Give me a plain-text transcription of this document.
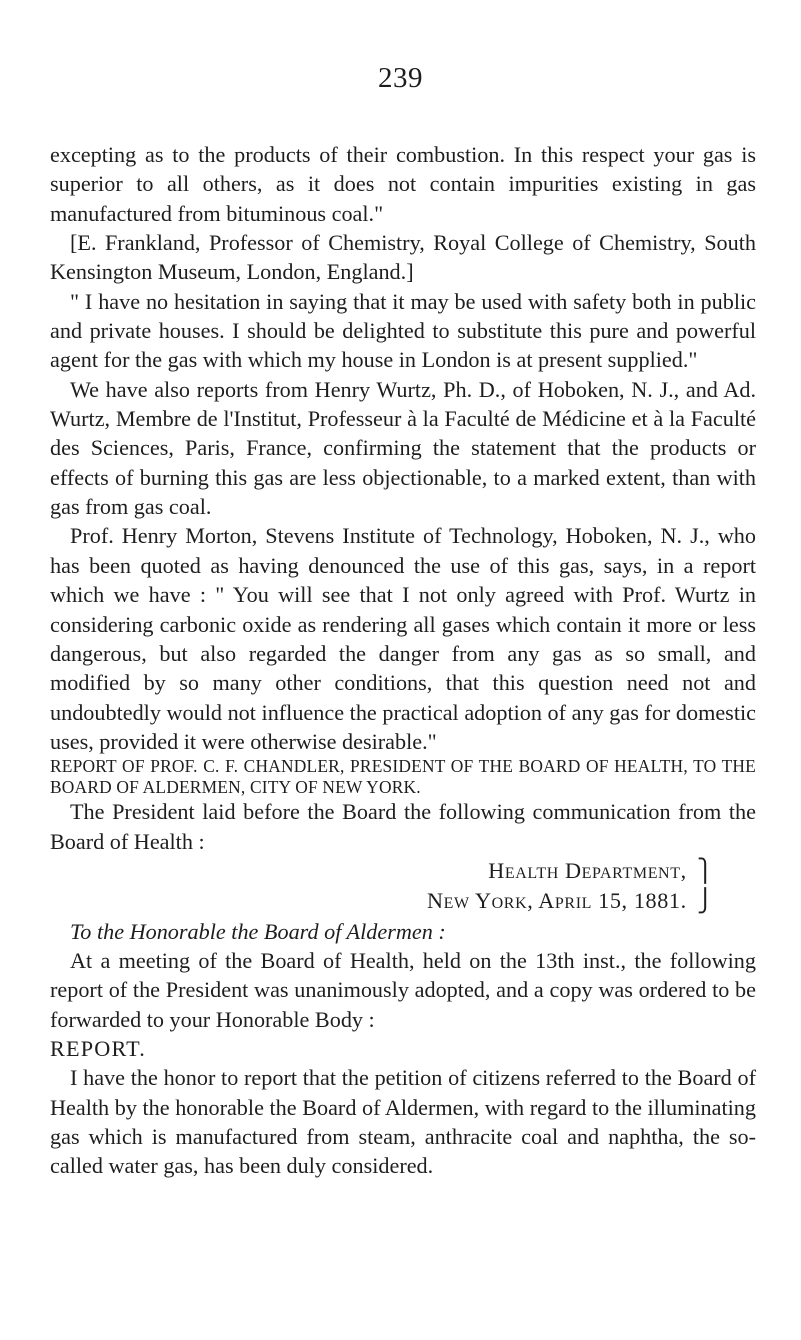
239

excepting as to the products of their combustion. In this respect your gas is superior to all others, as it does not contain impurities existing in gas manufactured from bituminous coal."

[E. Frankland, Professor of Chemistry, Royal College of Chemistry, South Kensington Museum, London, England.]

" I have no hesitation in saying that it may be used with safety both in public and private houses. I should be delighted to substitute this pure and powerful agent for the gas with which my house in London is at present supplied."

We have also reports from Henry Wurtz, Ph. D., of Hoboken, N. J., and Ad. Wurtz, Membre de l'Institut, Professeur à la Faculté de Médicine et à la Faculté des Sciences, Paris, France, confirming the statement that the products or effects of burning this gas are less objectionable, to a marked extent, than with gas from gas coal.

Prof. Henry Morton, Stevens Institute of Technology, Hoboken, N. J., who has been quoted as having denounced the use of this gas, says, in a report which we have : " You will see that I not only agreed with Prof. Wurtz in considering carbonic oxide as rendering all gases which contain it more or less dangerous, but also regarded the danger from any gas as so small, and modified by so many other conditions, that this question need not and undoubtedly would not influence the practical adoption of any gas for domestic uses, provided it were otherwise desirable."

REPORT OF PROF. C. F. CHANDLER, PRESIDENT OF THE BOARD OF HEALTH, TO THE BOARD OF ALDERMEN, CITY OF NEW YORK.

The President laid before the Board the following communication from the Board of Health :

Health Department, ⎫
New York, April 15, 1881. ⎭

To the Honorable the Board of Aldermen :

At a meeting of the Board of Health, held on the 13th inst., the following report of the President was unanimously adopted, and a copy was ordered to be forwarded to your Honorable Body :

REPORT.

I have the honor to report that the petition of citizens referred to the Board of Health by the honorable the Board of Aldermen, with regard to the illuminating gas which is manufactured from steam, anthracite coal and naphtha, the so-called water gas, has been duly considered.
